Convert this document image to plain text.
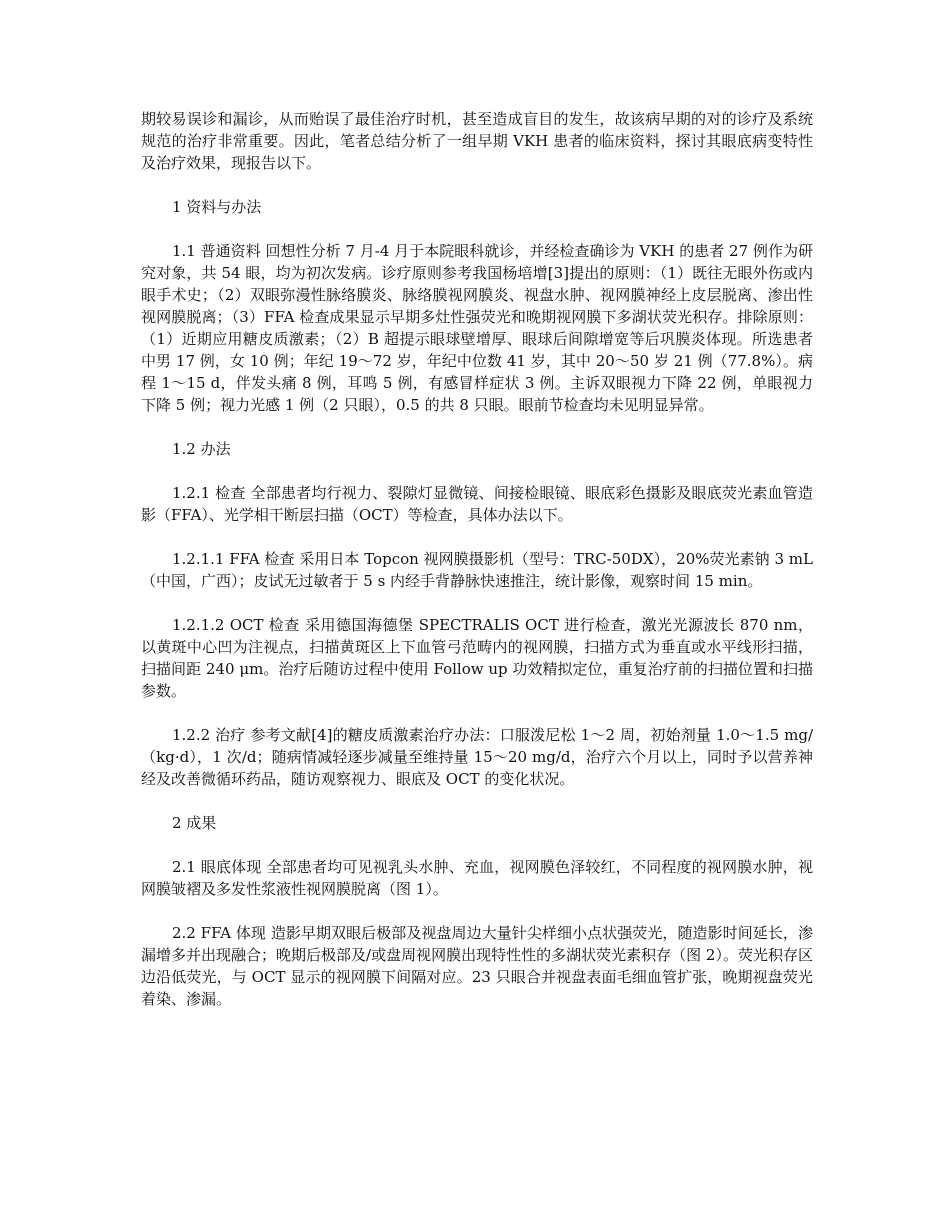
期较易误诊和漏诊，从而贻误了最佳治疗时机，甚至造成盲目的发生，故该病早期的对的诊疗及系统规范的治疗非常重要。因此，笔者总结分析了一组早期 VKH 患者的临床资料，探讨其眼底病变特性及治疗效果，现报告以下。

1 资料与办法

1.1 普通资料 回想性分析 7 月-4 月于本院眼科就诊，并经检查确诊为 VKH 的患者 27 例作为研究对象，共 54 眼，均为初次发病。诊疗原则参考我国杨培增[3]提出的原则：（1）既往无眼外伤或内眼手术史；（2）双眼弥漫性脉络膜炎、脉络膜视网膜炎、视盘水肿、视网膜神经上皮层脱离、渗出性视网膜脱离；（3）FFA 检查成果显示早期多灶性强荧光和晚期视网膜下多湖状荧光积存。排除原则：（1）近期应用糖皮质激素；（2）B 超提示眼球壁增厚、眼球后间隙增宽等后巩膜炎体现。所选患者中男 17 例，女 10 例；年纪 19～72 岁，年纪中位数 41 岁，其中 20～50 岁 21 例（77.8%）。病程 1～15 d，伴发头痛 8 例，耳鸣 5 例，有感冒样症状 3 例。主诉双眼视力下降 22 例，单眼视力下降 5 例；视力光感 1 例（2 只眼），0.5 的共 8 只眼。眼前节检查均未见明显异常。

1.2 办法

1.2.1 检查 全部患者均行视力、裂隙灯显微镜、间接检眼镜、眼底彩色摄影及眼底荧光素血管造影（FFA）、光学相干断层扫描（OCT）等检查，具体办法以下。

1.2.1.1 FFA 检查 采用日本 Topcon 视网膜摄影机（型号：TRC-50DX），20%荧光素钠 3 mL（中国，广西）；皮试无过敏者于 5 s 内经手背静脉快速推注，统计影像，观察时间 15 min。

1.2.1.2 OCT 检查 采用德国海德堡 SPECTRALIS OCT 进行检查，激光光源波长 870 nm，以黄斑中心凹为注视点，扫描黄斑区上下血管弓范畴内的视网膜，扫描方式为垂直或水平线形扫描，扫描间距 240 μm。治疗后随访过程中使用 Follow up 功效精拟定位，重复治疗前的扫描位置和扫描参数。

1.2.2 治疗 参考文献[4]的糖皮质激素治疗办法：口服泼尼松 1～2 周，初始剂量 1.0～1.5 mg/（kg·d），1 次/d；随病情减轻逐步减量至维持量 15～20 mg/d，治疗六个月以上，同时予以营养神经及改善微循环药品，随访观察视力、眼底及 OCT 的变化状况。

2 成果

2.1 眼底体现 全部患者均可见视乳头水肿、充血，视网膜色泽较红，不同程度的视网膜水肿，视网膜皱褶及多发性浆液性视网膜脱离（图 1）。

2.2 FFA 体现 造影早期双眼后极部及视盘周边大量针尖样细小点状强荧光，随造影时间延长，渗漏增多并出现融合；晚期后极部及/或盘周视网膜出现特性性的多湖状荧光素积存（图 2）。荧光积存区边沿低荧光，与 OCT 显示的视网膜下间隔对应。23 只眼合并视盘表面毛细血管扩张，晚期视盘荧光着染、渗漏。
